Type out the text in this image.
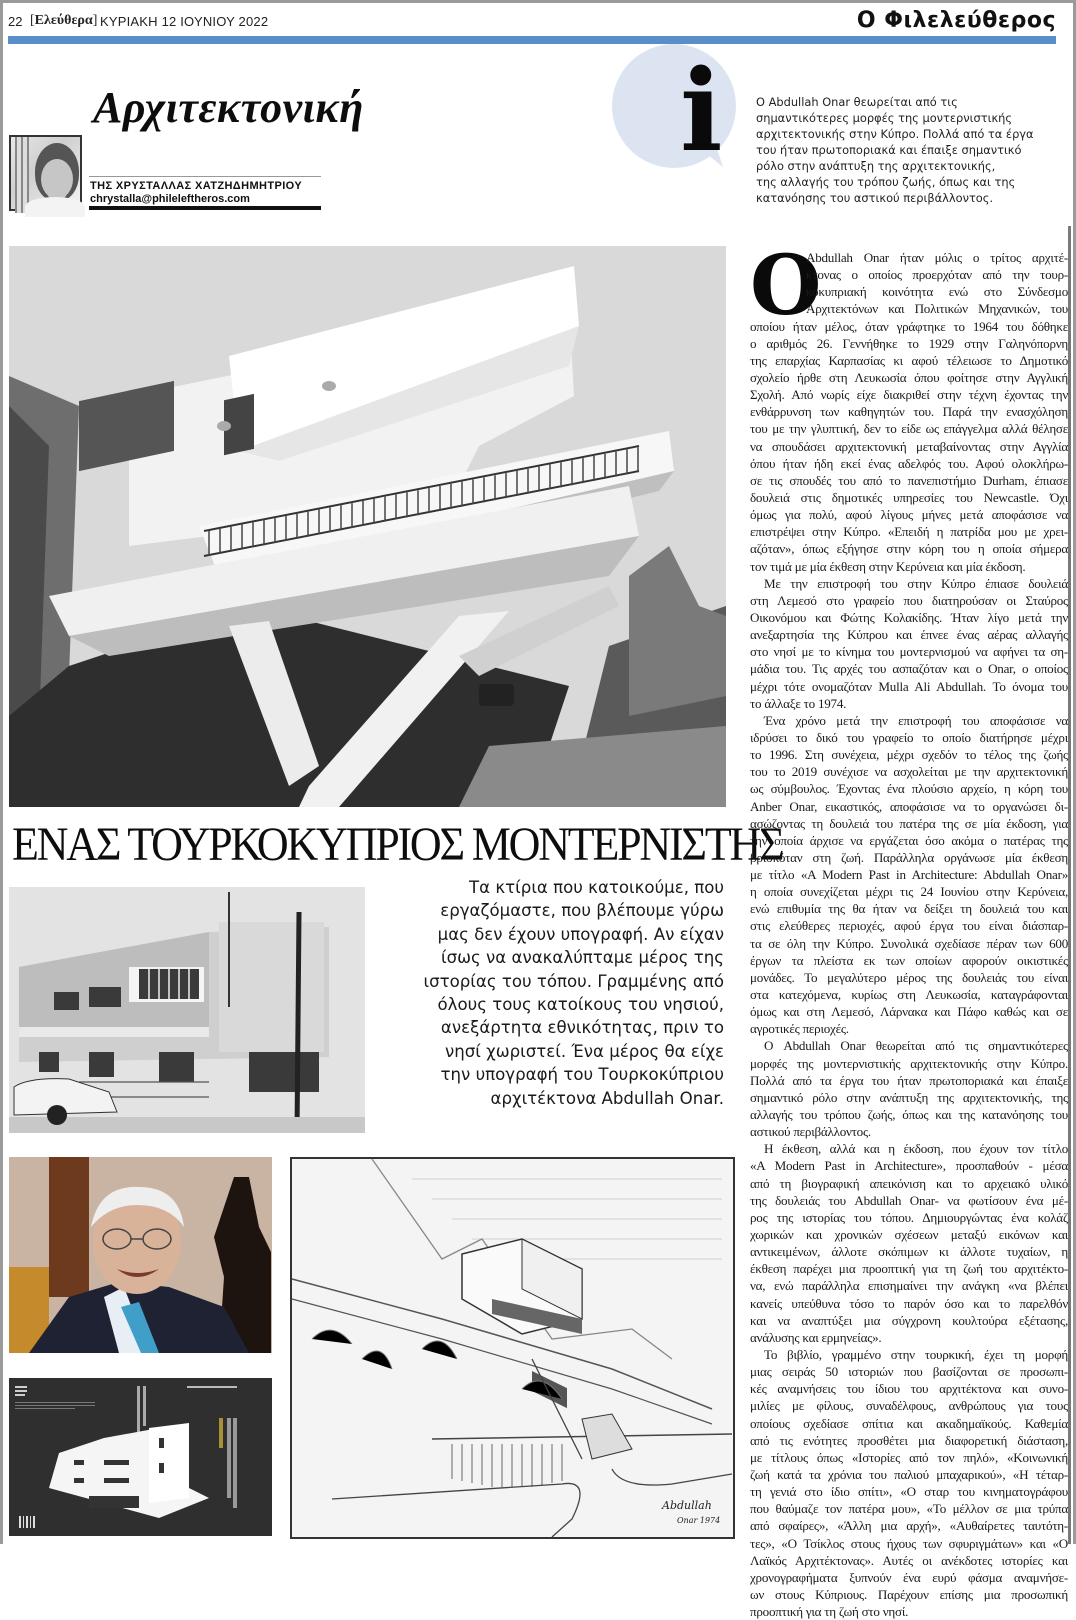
22 [Ελεύθερα] ΚΥΡΙΑΚΗ 12 ΙΟΥΝΙΟΥ 2022	Ο Φιλελεύθερος
Αρχιτεκτονική
ΤΗΣ ΧΡΥΣΤΑΛΛΑΣ ΧΑΤΖΗΔΗΜΗΤΡΙΟΥ
chrystalla@phileleftheros.com
i	Ο Abdullah Onar θεωρείται από τις
σημαντικότερες μορφές της μοντερνιστικής
αρχιτεκτονικής στην Κύπρο. Πολλά από τα έργα
του ήταν πρωτοποριακά και έπαιξε σημαντικό
ρόλο στην ανάπτυξη της αρχιτεκτονικής,
της αλλαγής του τρόπου ζωής, όπως και της
κατανόησης του αστικού περιβάλλοντος.
ΕΝΑΣ ΤΟΥΡΚΟΚΥΠΡΙΟΣ ΜΟΝΤΕΡΝΙΣΤΗΣ
Τα κτίρια που κατοικούμε, που
εργαζόμαστε, που βλέπουμε γύρω
μας δεν έχουν υπογραφή. Αν είχαν
ίσως να ανακαλύπταμε μέρος της
ιστορίας του τόπου. Γραμμένης από
όλους τους κατοίκους του νησιού,
ανεξάρτητα εθνικότητας, πριν το
νησί χωριστεί. Ένα μέρος θα είχε
την υπογραφή του Τουρκοκύπριου
αρχιτέκτονα Abdullah Onar.
Abdullah
Onar 1974
Ο
Abdullah Onar ήταν μόλις ο τρίτος αρχιτέ-
κτονας ο οποίος προερχόταν από την τουρ-
κοκυπριακή κοινότητα ενώ στο Σύνδεσμο
Αρχιτεκτόνων και Πολιτικών Μηχανικών, του
οποίου ήταν μέλος, όταν γράφτηκε το 1964 του δόθηκε
ο αριθμός 26. Γεννήθηκε το 1929 στην Γαληνόπορνη
της επαρχίας Καρπασίας κι αφού τέλειωσε το Δημοτικό
σχολείο ήρθε στη Λευκωσία όπου φοίτησε στην Αγγλική
Σχολή. Από νωρίς είχε διακριθεί στην τέχνη έχοντας την
ενθάρρυνση των καθηγητών του. Παρά την ενασχόληση
του με την γλυπτική, δεν το είδε ως επάγγελμα αλλά θέλησε
να σπουδάσει αρχιτεκτονική μεταβαίνοντας στην Αγγλία
όπου ήταν ήδη εκεί ένας αδελφός του. Αφού ολοκλήρω-
σε τις σπουδές του από το πανεπιστήμιο Durham, έπιασε
δουλειά στις δημοτικές υπηρεσίες του Newcastle. Όχι
όμως για πολύ, αφού λίγους μήνες μετά αποφάσισε να
επιστρέψει στην Κύπρο. «Επειδή η πατρίδα μου με χρει-
αζόταν», όπως εξήγησε στην κόρη του η οποία σήμερα
τον τιμά με μία έκθεση στην Κερύνεια και μία έκδοση.
Με την επιστροφή του στην Κύπρο έπιασε δουλειά
στη Λεμεσό στο γραφείο που διατηρούσαν οι Σταύρος
Οικονόμου και Φώτης Κολακίδης. Ήταν λίγο μετά την
ανεξαρτησία της Κύπρου και έπνεε ένας αέρας αλλαγής
στο νησί με το κίνημα του μοντερνισμού να αφήνει τα ση-
μάδια του. Τις αρχές του ασπαζόταν και ο Onar, ο οποίος
μέχρι τότε ονομαζόταν Mulla Ali Abdullah. Το όνομα του
το άλλαξε το 1974.
Ένα χρόνο μετά την επιστροφή του αποφάσισε να
ιδρύσει το δικό του γραφείο το οποίο διατήρησε μέχρι
το 1996. Στη συνέχεια, μέχρι σχεδόν το τέλος της ζωής
του το 2019 συνέχισε να ασχολείται με την αρχιτεκτονική
ως σύμβουλος. Έχοντας ένα πλούσιο αρχείο, η κόρη του
Anber Onar, εικαστικός, αποφάσισε να το οργανώσει δι-
ασώζοντας τη δουλειά του πατέρα της σε μία έκδοση, για
την οποία άρχισε να εργάζεται όσο ακόμα ο πατέρας της
βρισκόταν στη ζωή. Παράλληλα οργάνωσε μία έκθεση
με τίτλο «A Modern Past in Architecture: Abdullah Onar»
η οποία συνεχίζεται μέχρι τις 24 Ιουνίου στην Κερύνεια,
ενώ επιθυμία της θα ήταν να δείξει τη δουλειά του και
στις ελεύθερες περιοχές, αφού έργα του είναι διάσπαρ-
τα σε όλη την Κύπρο. Συνολικά σχεδίασε πέραν των 600
έργων τα πλείστα εκ των οποίων αφορούν οικιστικές
μονάδες. Το μεγαλύτερο μέρος της δουλειάς του είναι
στα κατεχόμενα, κυρίως στη Λευκωσία, καταγράφονται
όμως και στη Λεμεσό, Λάρνακα και Πάφο καθώς και σε
αγροτικές περιοχές.
Ο Abdullah Onar θεωρείται από τις σημαντικότερες
μορφές της μοντερνιστικής αρχιτεκτονικής στην Κύπρο.
Πολλά από τα έργα του ήταν πρωτοποριακά και έπαιξε
σημαντικό ρόλο στην ανάπτυξη της αρχιτεκτονικής, της
αλλαγής του τρόπου ζωής, όπως και της κατανόησης του
αστικού περιβάλλοντος.
Η έκθεση, αλλά και η έκδοση, που έχουν τον τίτλο
«A Modern Past in Architecture», προσπαθούν - μέσα
από τη βιογραφική απεικόνιση και το αρχειακό υλικό
της δουλειάς του Abdullah Onar- να φωτίσουν ένα μέ-
ρος της ιστορίας του τόπου. Δημιουργώντας ένα κολάζ
χωρικών και χρονικών σχέσεων μεταξύ εικόνων και
αντικειμένων, άλλοτε σκόπιμων κι άλλοτε τυχαίων, η
έκθεση παρέχει μια προοπτική για τη ζωή του αρχιτέκτο-
να, ενώ παράλληλα επισημαίνει την ανάγκη «να βλέπει
κανείς υπεύθυνα τόσο το παρόν όσο και το παρελθόν
και να αναπτύξει μια σύγχρονη κουλτούρα εξέτασης,
ανάλυσης και ερμηνείας».
Το βιβλίο, γραμμένο στην τουρκική, έχει τη μορφή
μιας σειράς 50 ιστοριών που βασίζονται σε προσωπι-
κές αναμνήσεις του ίδιου του αρχιτέκτονα και συνο-
μιλίες με φίλους, συναδέλφους, ανθρώπους για τους
οποίους σχεδίασε σπίτια και ακαδημαϊκούς. Καθεμία
από τις ενότητες προσθέτει μια διαφορετική διάσταση,
με τίτλους όπως «Ιστορίες από τον πηλό», «Κοινωνική
ζωή κατά τα χρόνια του παλιού μπαχαρικού», «Η τέταρ-
τη γενιά στο ίδιο σπίτι», «Ο σταρ του κινηματογράφου
που θαύμαζε τον πατέρα μου», «Το μέλλον σε μια τρύπα
από σφαίρες», «Άλλη μια αρχή», «Αυθαίρετες ταυτότη-
τες», «Ο Τσίκλος στους ήχους των σφυριγμάτων» και «Ο
Λαϊκός Αρχιτέκτονας». Αυτές οι ανέκδοτες ιστορίες και
χρονογραφήματα ξυπνούν ένα ευρύ φάσμα αναμνήσε-
ων στους Κύπριους. Παρέχουν επίσης μια προσωπική
προοπτική για τη ζωή στο νησί.
